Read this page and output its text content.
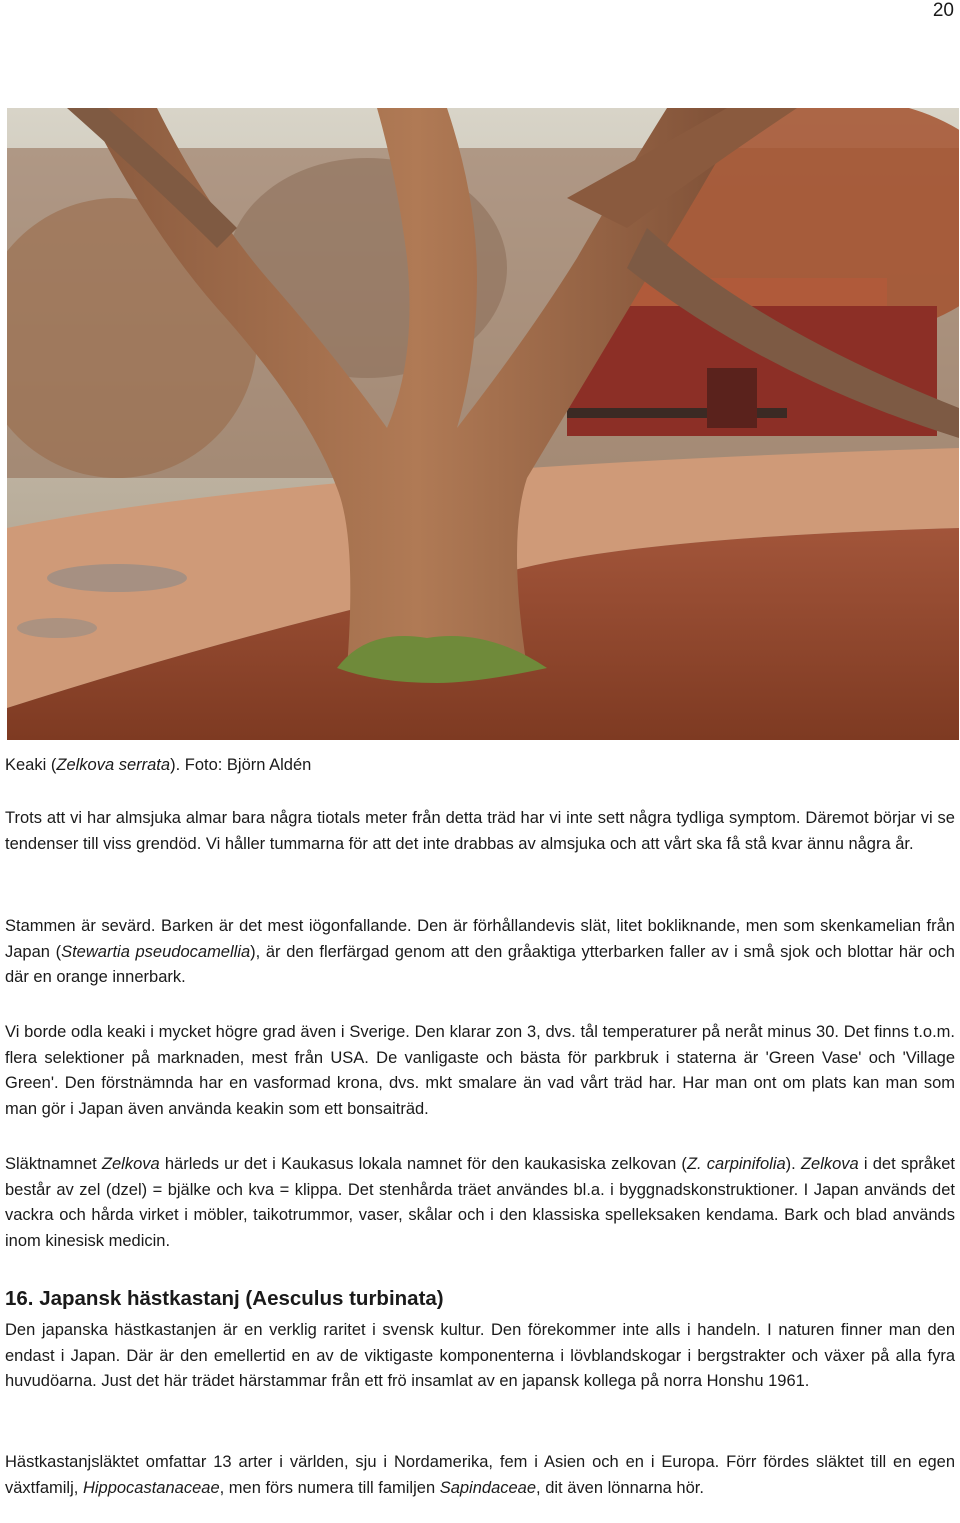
20

Keaki (Zelkova serrata). Foto: Björn Aldén

Trots att vi har almsjuka almar bara några tiotals meter från detta träd har vi inte sett några tydliga symptom. Däremot börjar vi se tendenser till viss grendöd. Vi håller tummarna för att det inte drabbas av almsjuka och att vårt ska få stå kvar ännu några år.

Stammen är sevärd. Barken är det mest iögonfallande. Den är förhållandevis slät, litet bokliknande, men som skenkamelian från Japan (Stewartia pseudocamellia), är den flerfärgad genom att den gråaktiga ytterbarken faller av i små sjok och blottar här och där en orange innerbark.

Vi borde odla keaki i mycket högre grad även i Sverige. Den klarar zon 3, dvs. tål temperaturer på neråt minus 30. Det finns t.o.m. flera selektioner på marknaden, mest från USA. De vanligaste och bästa för parkbruk i staterna är 'Green Vase' och 'Village Green'. Den förstnämnda har en vasformad krona, dvs. mkt smalare än vad vårt träd har. Har man ont om plats kan man som man gör i Japan även använda keakin som ett bonsaiträd.

Släktnamnet Zelkova härleds ur det i Kaukasus lokala namnet för den kaukasiska zelkovan (Z. carpinifolia). Zelkova i det språket består av zel (dzel) = bjälke och kva = klippa. Det stenhårda träet användes bl.a. i byggnadskonstruktioner. I Japan används det vackra och hårda virket i möbler, taikotrummor, vaser, skålar och i den klassiska spelleksaken kendama. Bark och blad används inom kinesisk medicin.

16. Japansk hästkastanj (Aesculus turbinata)

Den japanska hästkastanjen är en verklig raritet i svensk kultur. Den förekommer inte alls i handeln. I naturen finner man den endast i Japan. Där är den emellertid en av de viktigaste komponenterna i lövblandskogar i bergstrakter och växer på alla fyra huvudöarna. Just det här trädet härstammar från ett frö insamlat av en japansk kollega på norra Honshu 1961.

Hästkastanjsläktet omfattar 13 arter i världen, sju i Nordamerika, fem i Asien och en i Europa. Förr fördes släktet till en egen växtfamilj, Hippocastanaceae, men förs numera till familjen Sapindaceae, dit även lönnarna hör.
